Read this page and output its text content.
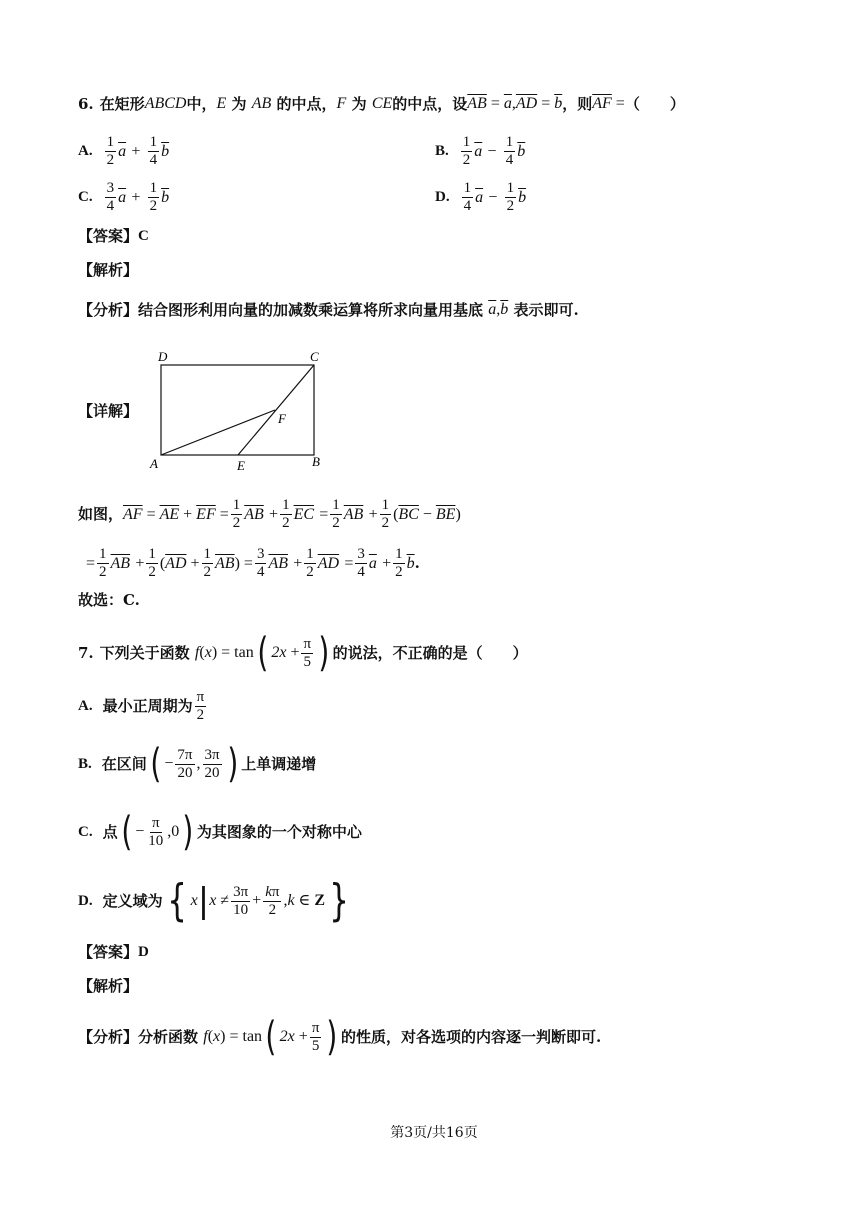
6. 在矩形 ABCD 中， E
为
AB
的中点， F
为
CE 的中点，设 $\overline{AB} = \overline{a},\overline{AD} = \overline{b}$ ，则 $\overline{AF}$ = （　　）
A. $\frac{1}{2} \overline{a}$
+
$\frac{1}{4} \overline{b}$	B. $\frac{1}{2} \overline{a}$
−
$\frac{1}{4} \overline{b}$
C. $\frac{3}{4} \overline{a}$
+
$\frac{1}{2} \overline{b}$	D. $\frac{1}{4} \overline{a}$
−
$\frac{1}{2} \overline{b}$
【答案】 C
【解析】
【分析】 结合图形利用向量的加减数乘运算将所求向量用基底
$\overline{a},\overline{b}$
表示即可.
【详解】
D	C
F
A	E	B
如图， $\overline{AF} = \overline{AE} + \overline{EF} = \frac{1}{2} \overline{AB}$
+ $\frac{1}{2} \overline{EC}$
= $\frac{1}{2} \overline{AB}$
+ $\frac{1}{2} (\overline{BC} - \overline{BE})$
= $\frac{1}{2} \overline{AB}$
+ $\frac{1}{2} (\overline{AD} + \frac{1}{2} \overline{AB}) = \frac{3}{4} \overline{AB}$
+ $\frac{1}{2} \overline{AD}$
= $\frac{3}{4} \overline{a}$
+ $\frac{1}{2} \overline{b}$ .
故选：C.
7. 下列关于函数
f(x) = tan ( $2x + \frac{\pi}{5}$ ) 的说法，不正确的是（　　）
A. 最小正周期为 $\frac{\pi}{2}$
B. 在区间 ( − $\frac{7\pi}{20}$ , $\frac{3\pi}{20}$ ) 上单调递增
C. 点 ( − $\frac{\pi}{10} ,0$ ) 为其图象的一个对称中心
D. 定义域为 { x | $x \ne \frac{3\pi}{10} + \frac{k\pi}{2} ,k$ ∈ Z }
【答案】 D
【解析】
【分析】 分析函数
f(x) = tan ( $2x + \frac{\pi}{5}$ ) 的性质，对各选项的内容逐一判断即可.
第3页/共16页
